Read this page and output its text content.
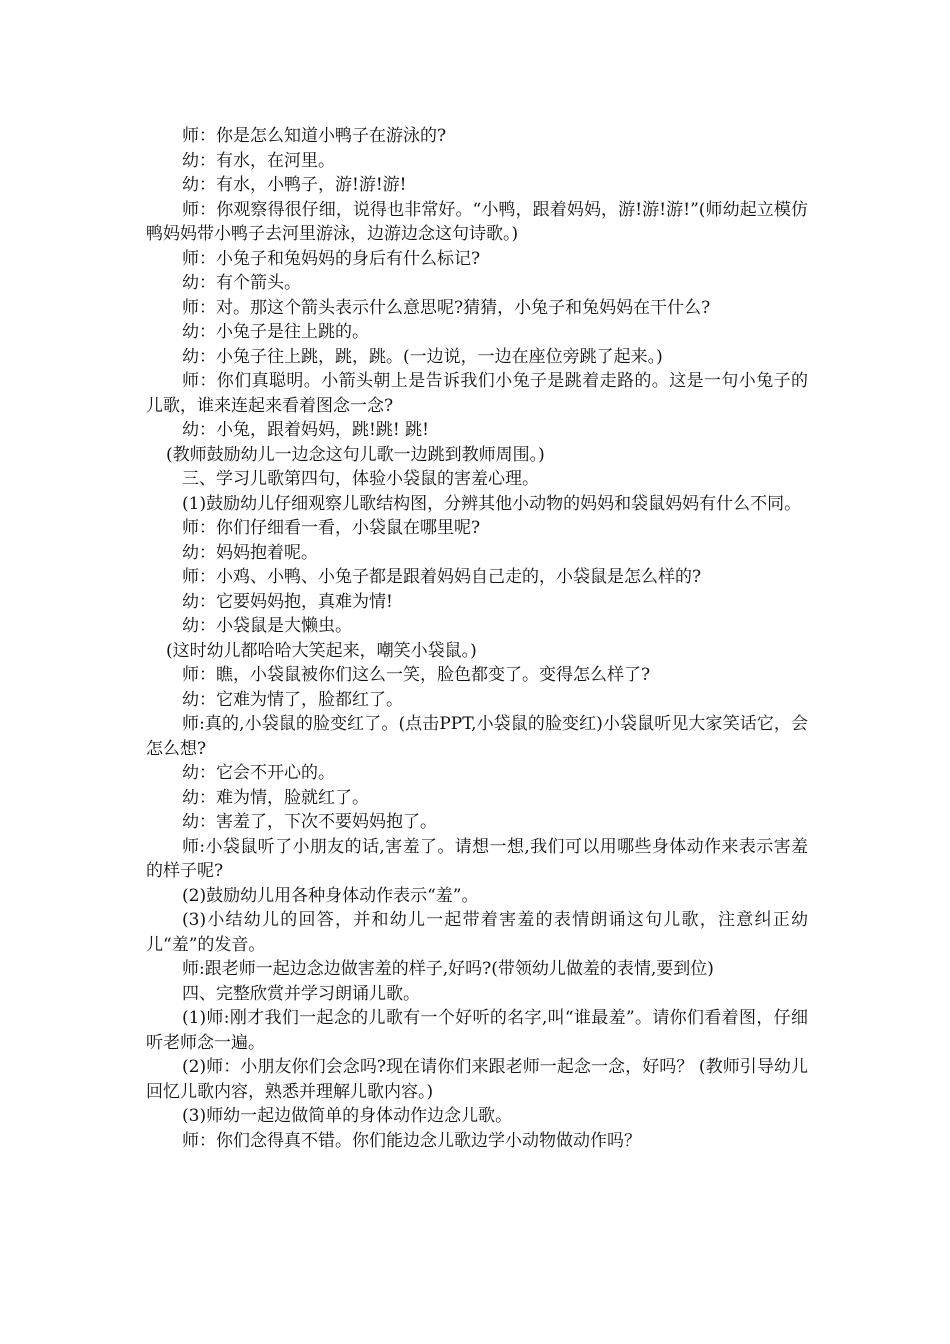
师：你是怎么知道小鸭子在游泳的?

幼：有水，在河里。

幼：有水，小鸭子，游!游!游!

师：你观察得很仔细，说得也非常好。“小鸭，跟着妈妈，游!游!游!”(师幼起立模仿鸭妈妈带小鸭子去河里游泳，边游边念这句诗歌。)

师：小兔子和兔妈妈的身后有什么标记?

幼：有个箭头。

师：对。那这个箭头表示什么意思呢?猜猜，小兔子和兔妈妈在干什么?

幼：小兔子是往上跳的。

幼：小兔子往上跳，跳，跳。(一边说，一边在座位旁跳了起来。)

师：你们真聪明。小箭头朝上是告诉我们小兔子是跳着走路的。这是一句小兔子的儿歌，谁来连起来看着图念一念?

幼：小兔，跟着妈妈，跳!跳! 跳!

(教师鼓励幼儿一边念这句儿歌一边跳到教师周围。)

三、学习儿歌第四句，体验小袋鼠的害羞心理。

(1)鼓励幼儿仔细观察儿歌结构图，分辨其他小动物的妈妈和袋鼠妈妈有什么不同。

师：你们仔细看一看，小袋鼠在哪里呢?

幼：妈妈抱着呢。

师：小鸡、小鸭、小兔子都是跟着妈妈自己走的，小袋鼠是怎么样的?

幼：它要妈妈抱，真难为情!

幼：小袋鼠是大懒虫。

(这时幼儿都哈哈大笑起来，嘲笑小袋鼠。)

师：瞧，小袋鼠被你们这么一笑，脸色都变了。变得怎么样了?

幼：它难为情了，脸都红了。

师:真的,小袋鼠的脸变红了。(点击PPT,小袋鼠的脸变红)小袋鼠听见大家笑话它，会怎么想?

幼：它会不开心的。

幼：难为情，脸就红了。

幼：害羞了，下次不要妈妈抱了。

师:小袋鼠听了小朋友的话,害羞了。请想一想,我们可以用哪些身体动作来表示害羞的样子呢?

(2)鼓励幼儿用各种身体动作表示“羞”。

(3)小结幼儿的回答，并和幼儿一起带着害羞的表情朗诵这句儿歌，注意纠正幼儿“羞”的发音。

师:跟老师一起边念边做害羞的样子,好吗?(带领幼儿做羞的表情,要到位)

四、完整欣赏并学习朗诵儿歌。

(1)师:刚才我们一起念的儿歌有一个好听的名字,叫“谁最羞”。请你们看着图，仔细听老师念一遍。

(2)师：小朋友你们会念吗?现在请你们来跟老师一起念一念，好吗？ (教师引导幼儿回忆儿歌内容，熟悉并理解儿歌内容。)

(3)师幼一起边做简单的身体动作边念儿歌。

师：你们念得真不错。你们能边念儿歌边学小动物做动作吗？
